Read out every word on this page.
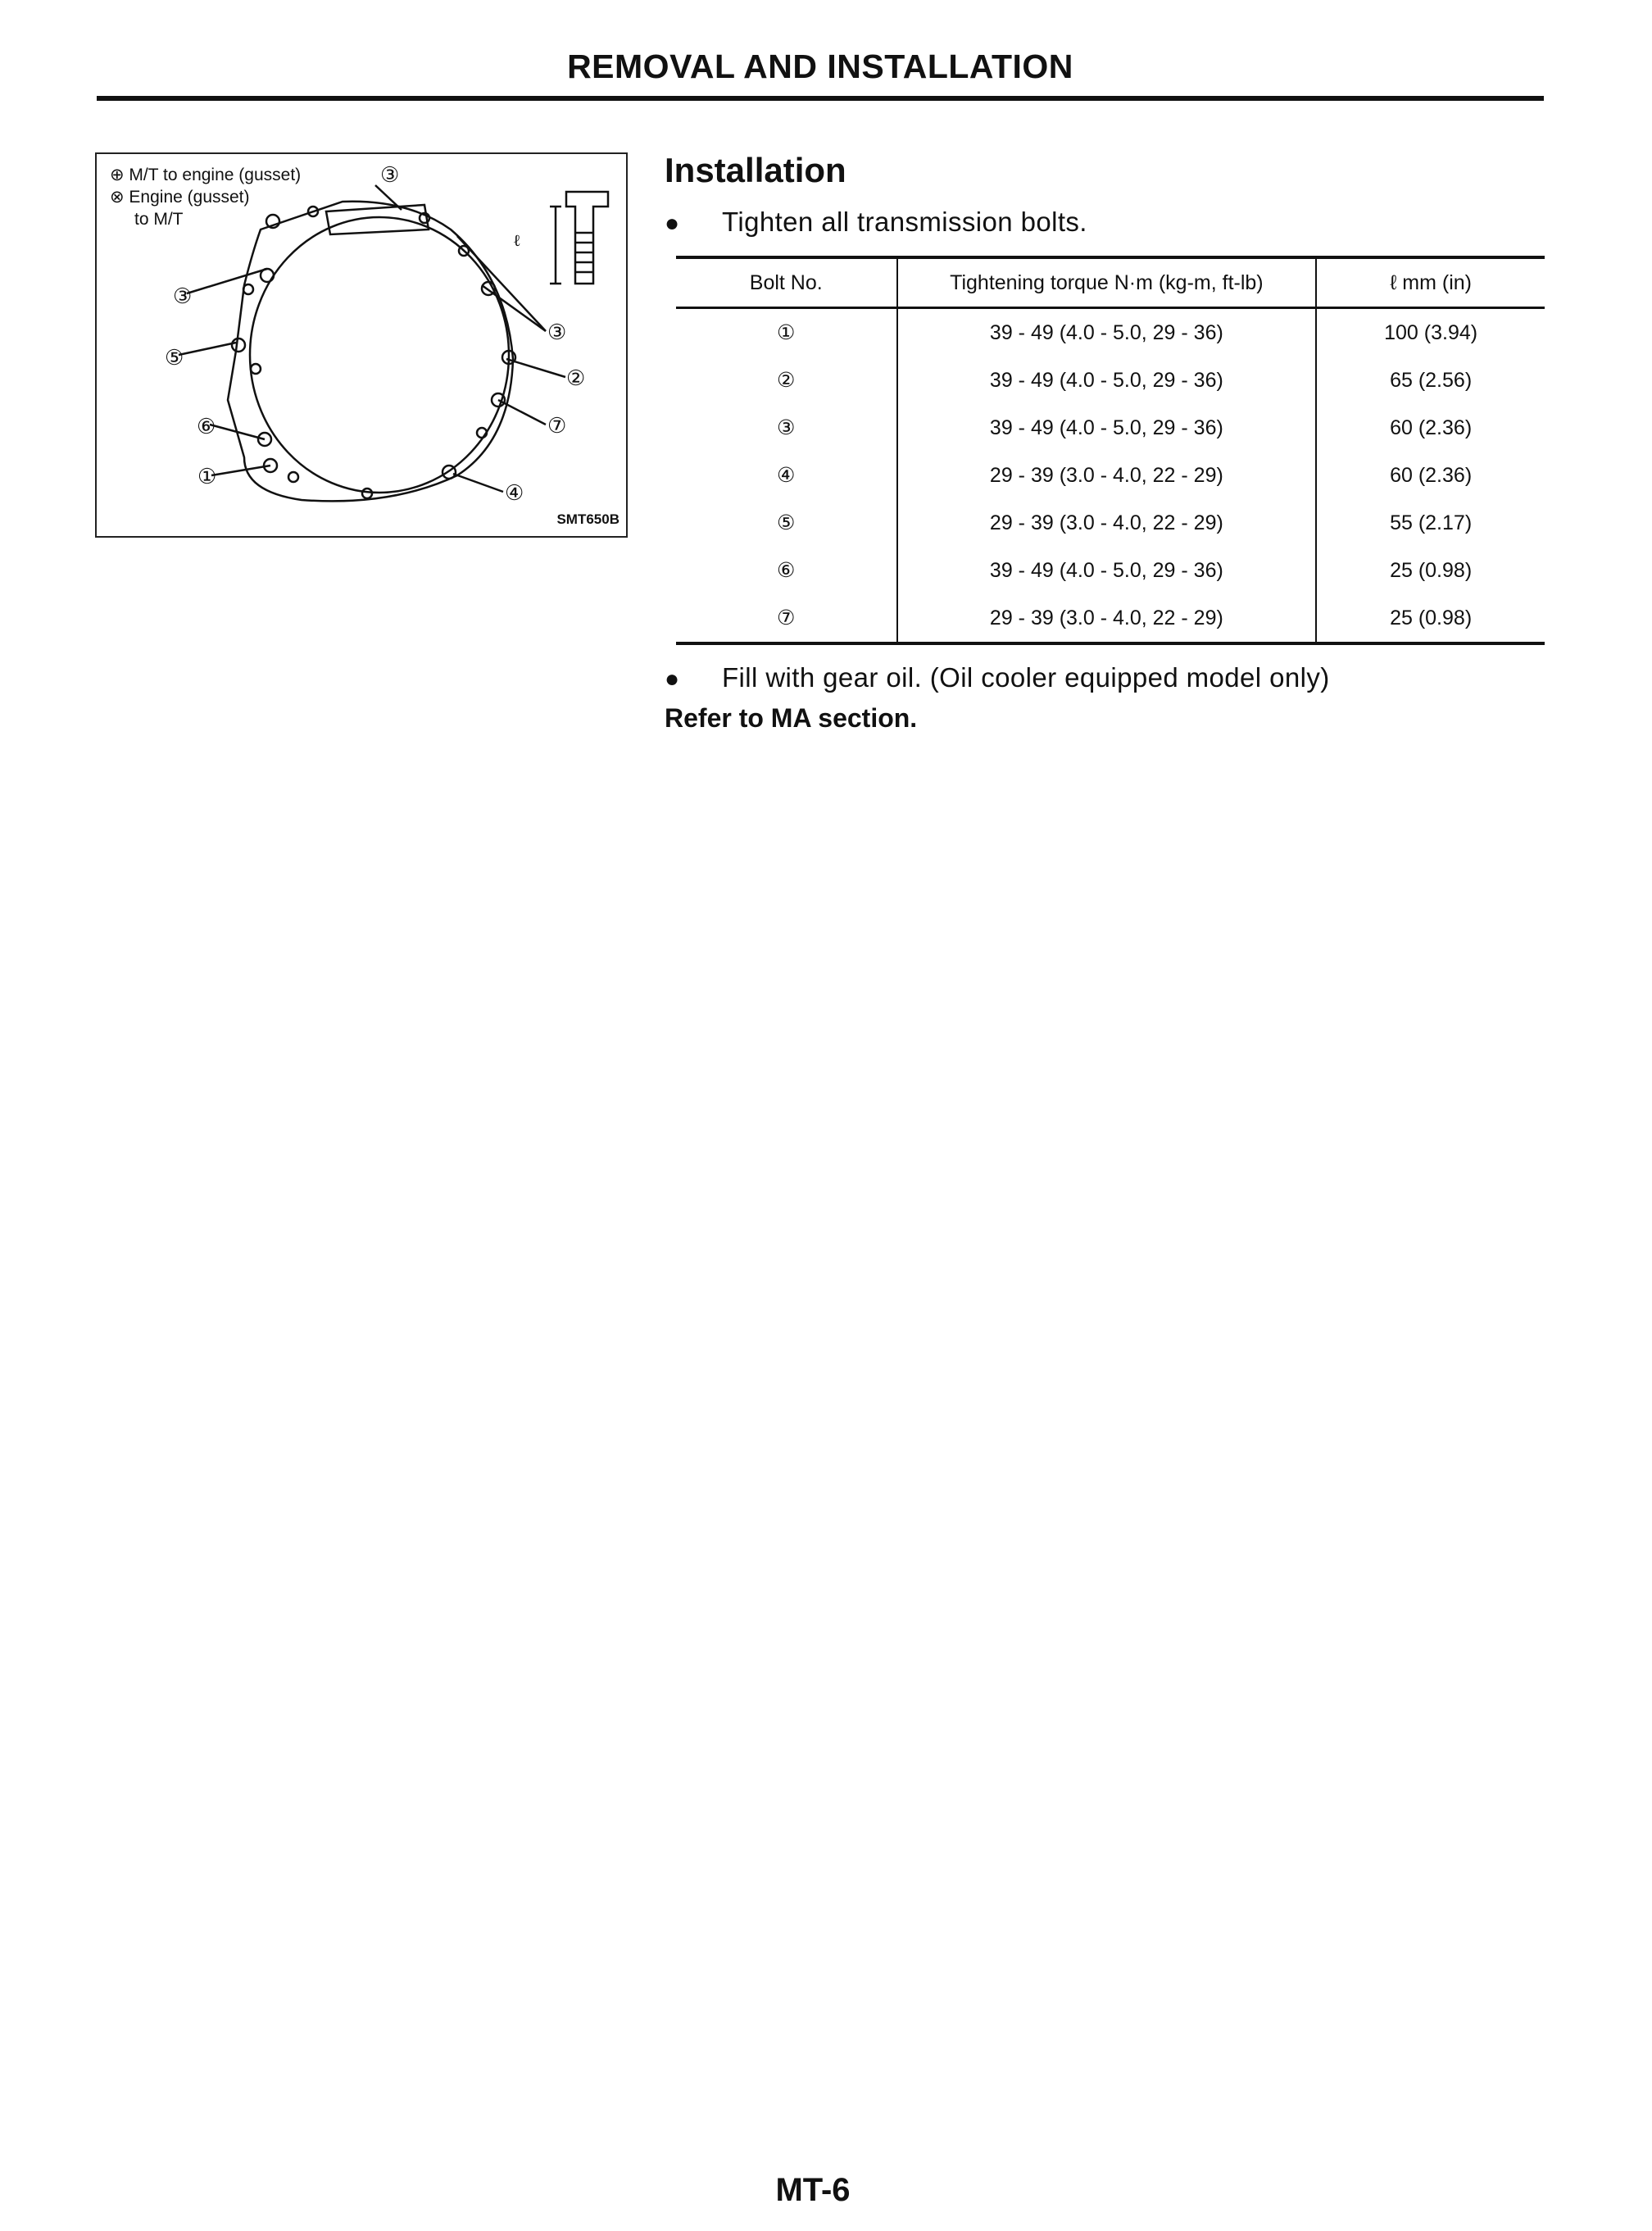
REMOVAL AND INSTALLATION
③
③
⑤
⑥
①
③
②
⑦
④
ℓ
⊕ M/T to engine (gusset)
⊗ Engine (gusset)
to M/T
SMT650B
Installation
● Tighten all transmission bolts.
Bolt No.	Tightening torque N·m (kg-m, ft-lb)	ℓ mm (in)
①	39 - 49 (4.0 - 5.0, 29 - 36)	100 (3.94)
②	39 - 49 (4.0 - 5.0, 29 - 36)	65 (2.56)
③	39 - 49 (4.0 - 5.0, 29 - 36)	60 (2.36)
④	29 - 39 (3.0 - 4.0, 22 - 29)	60 (2.36)
⑤	29 - 39 (3.0 - 4.0, 22 - 29)	55 (2.17)
⑥	39 - 49 (4.0 - 5.0, 29 - 36)	25 (0.98)
⑦	29 - 39 (3.0 - 4.0, 22 - 29)	25 (0.98)
● Fill with gear oil. (Oil cooler equipped model only)
Refer to MA section.
MT-6
